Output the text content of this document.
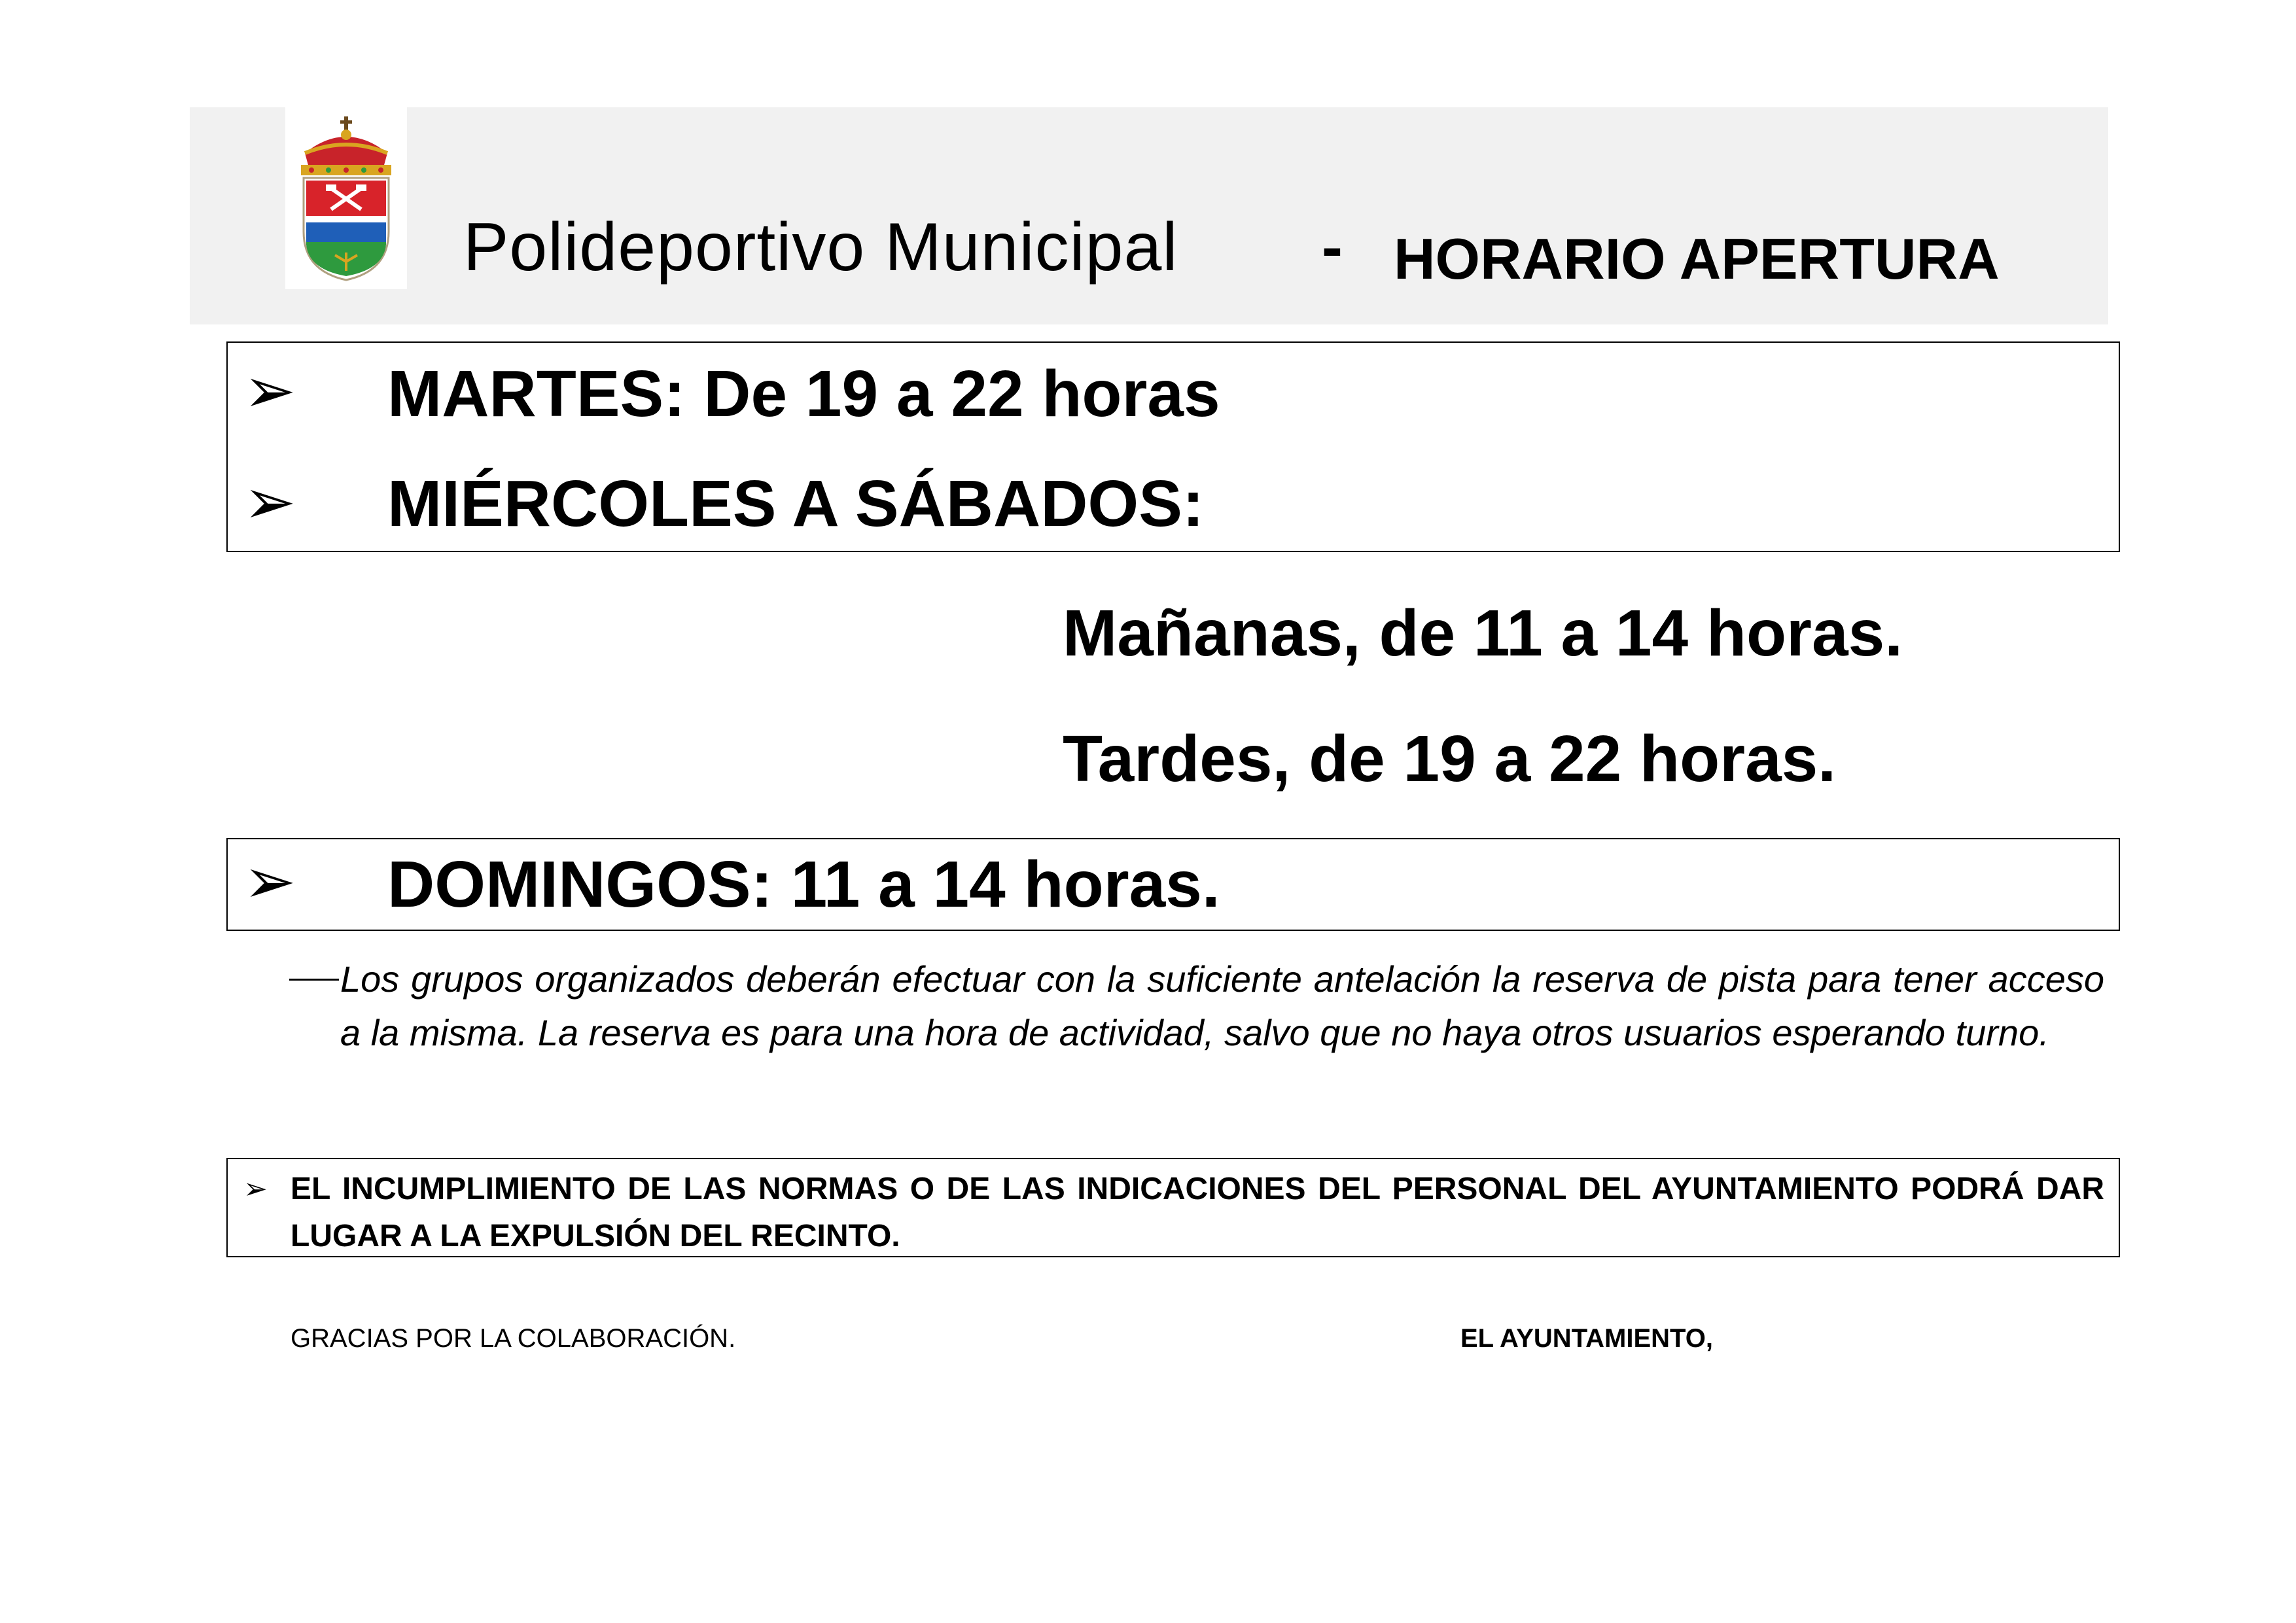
Polideportivo Municipal - HORARIO APERTURA
➢ MARTES: De 19 a 22 horas
➢ MIÉRCOLES A SÁBADOS:
Mañanas, de 11 a 14 horas.
Tardes, de 19 a 22 horas.
➢ DOMINGOS: 11 a 14 horas.
Los grupos organizados deberán efectuar con la suficiente antelación la reserva de pista para tener acceso a la misma. La reserva es para una hora de actividad, salvo que no haya otros usuarios esperando turno.
➢ EL INCUMPLIMIENTO DE LAS NORMAS O DE LAS INDICACIONES DEL PERSONAL DEL AYUNTAMIENTO PODRÁ DAR LUGAR A LA EXPULSIÓN DEL RECINTO.
GRACIAS POR LA COLABORACIÓN.	EL AYUNTAMIENTO,
